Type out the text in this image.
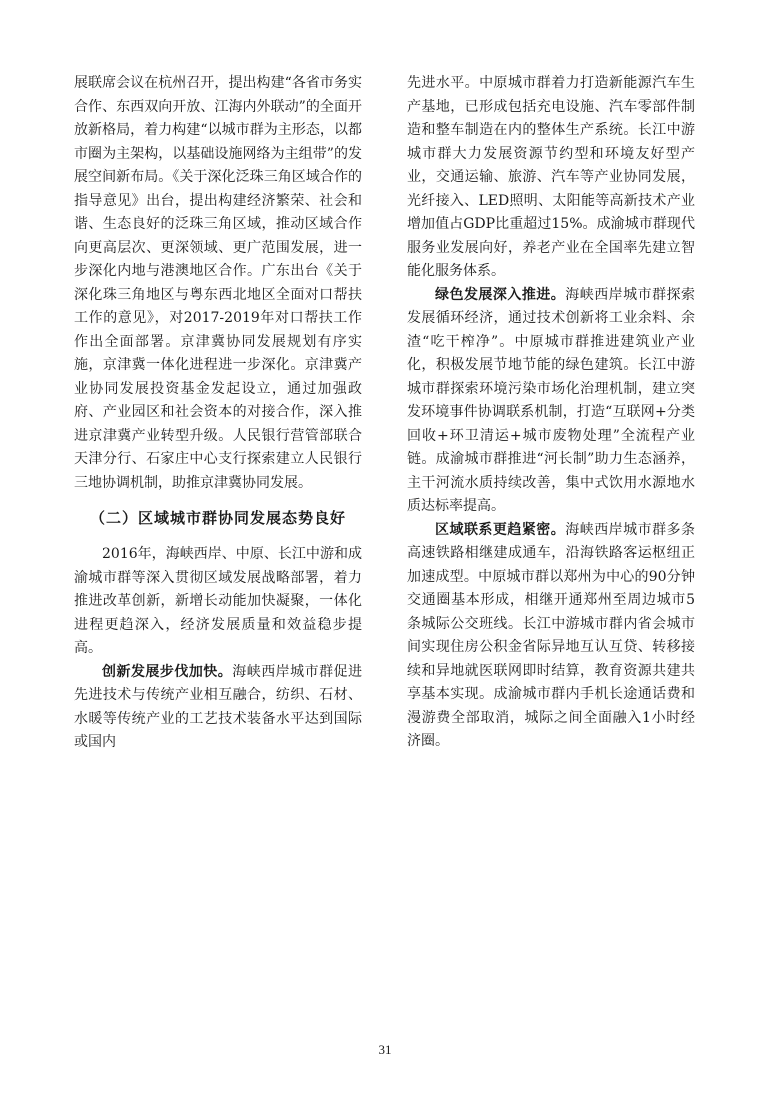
展联席会议在杭州召开，提出构建“各省市务实合作、东西双向开放、江海内外联动”的全面开放新格局，着力构建“以城市群为主形态，以都市圈为主架构，以基础设施网络为主组带”的发展空间新布局。《关于深化泛珠三角区域合作的指导意见》出台，提出构建经济繁荣、社会和谐、生态良好的泛珠三角区域，推动区域合作向更高层次、更深领域、更广范围发展，进一步深化内地与港澳地区合作。广东出台《关于深化珠三角地区与粤东西北地区全面对口帮扶工作的意见》，对2017-2019年对口帮扶工作作出全面部署。京津冀协同发展规划有序实施，京津冀一体化进程进一步深化。京津冀产业协同发展投资基金发起设立，通过加强政府、产业园区和社会资本的对接合作，深入推进京津冀产业转型升级。人民银行营管部联合天津分行、石家庄中心支行探索建立人民银行三地协调机制，助推京津冀协同发展。

（二）区域城市群协同发展态势良好

2016年，海峡西岸、中原、长江中游和成渝城市群等深入贯彻区域发展战略部署，着力推进改革创新，新增长动能加快凝聚，一体化进程更趋深入，经济发展质量和效益稳步提高。

创新发展步伐加快。海峡西岸城市群促进先进技术与传统产业相互融合，纺织、石材、水暖等传统产业的工艺技术装备水平达到国际或国内

先进水平。中原城市群着力打造新能源汽车生产基地，已形成包括充电设施、汽车零部件制造和整车制造在内的整体生产系统。长江中游城市群大力发展资源节约型和环境友好型产业，交通运输、旅游、汽车等产业协同发展，光纤接入、LED照明、太阳能等高新技术产业增加值占GDP比重超过15%。成渝城市群现代服务业发展向好，养老产业在全国率先建立智能化服务体系。

绿色发展深入推进。海峡西岸城市群探索发展循环经济，通过技术创新将工业余料、余渣“吃干榨净”。中原城市群推进建筑业产业化，积极发展节地节能的绿色建筑。长江中游城市群探索环境污染市场化治理机制，建立突发环境事件协调联系机制，打造“互联网+分类回收+环卫清运+城市废物处理”全流程产业链。成渝城市群推进“河长制”助力生态涵养，主干河流水质持续改善，集中式饮用水源地水质达标率提高。

区域联系更趋紧密。海峡西岸城市群多条高速铁路相继建成通车，沿海铁路客运枢纽正加速成型。中原城市群以郑州为中心的90分钟交通圈基本形成，相继开通郑州至周边城市5条城际公交班线。长江中游城市群内省会城市间实现住房公积金省际异地互认互贷、转移接续和异地就医联网即时结算，教育资源共建共享基本实现。成渝城市群内手机长途通话费和漫游费全部取消，城际之间全面融入1小时经济圈。

31
